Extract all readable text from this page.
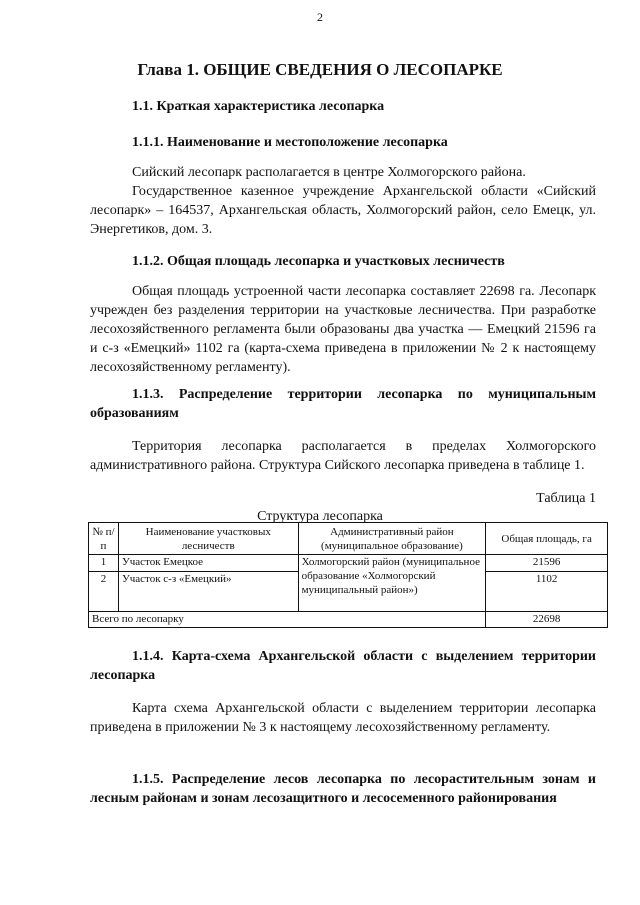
2
Глава 1. ОБЩИЕ СВЕДЕНИЯ О ЛЕСОПАРКЕ
1.1. Краткая характеристика лесопарка
1.1.1. Наименование и местоположение лесопарка

Сийский лесопарк располагается в центре Холмогорского района.

Государственное казенное учреждение Архангельской области «Сийский лесопарк» – 164537, Архангельская область, Холмогорский район, село Емецк, ул. Энергетиков, дом. 3.

1.1.2. Общая площадь лесопарка и участковых лесничеств

Общая площадь устроенной части лесопарка составляет 22698 га. Лесопарк учрежден без разделения территории на участковые лесничества. При разработке лесохозяйственного регламента были образованы два участка — Емецкий 21596 га и с-з «Емецкий» 1102 га (карта-схема приведена в приложении № 2 к настоящему лесохозяйственному регламенту).

1.1.3. Распределение территории лесопарка по муниципальным образованиям

Территория лесопарка располагается в пределах Холмогорского административного района. Структура Сийского лесопарка приведена в таблице 1.

Таблица 1
Структура лесопарка
№ п/п	Наименование участковых лесничеств	Административный район (муниципальное образование)	Общая площадь, га
1	Участок Емецкое	Холмогорский район (муниципальное образование «Холмогорский муниципальный район»)	21596
2	Участок с-з «Емецкий»		1102
Всего по лесопарку			22698

1.1.4. Карта-схема Архангельской области с выделением территории лесопарка

Карта схема Архангельской области с выделением территории лесопарка приведена в приложении № 3 к настоящему лесохозяйственному регламенту.

1.1.5. Распределение лесов лесопарка по лесорастительным зонам и лесным районам и зонам лесозащитного и лесосеменного районирования
